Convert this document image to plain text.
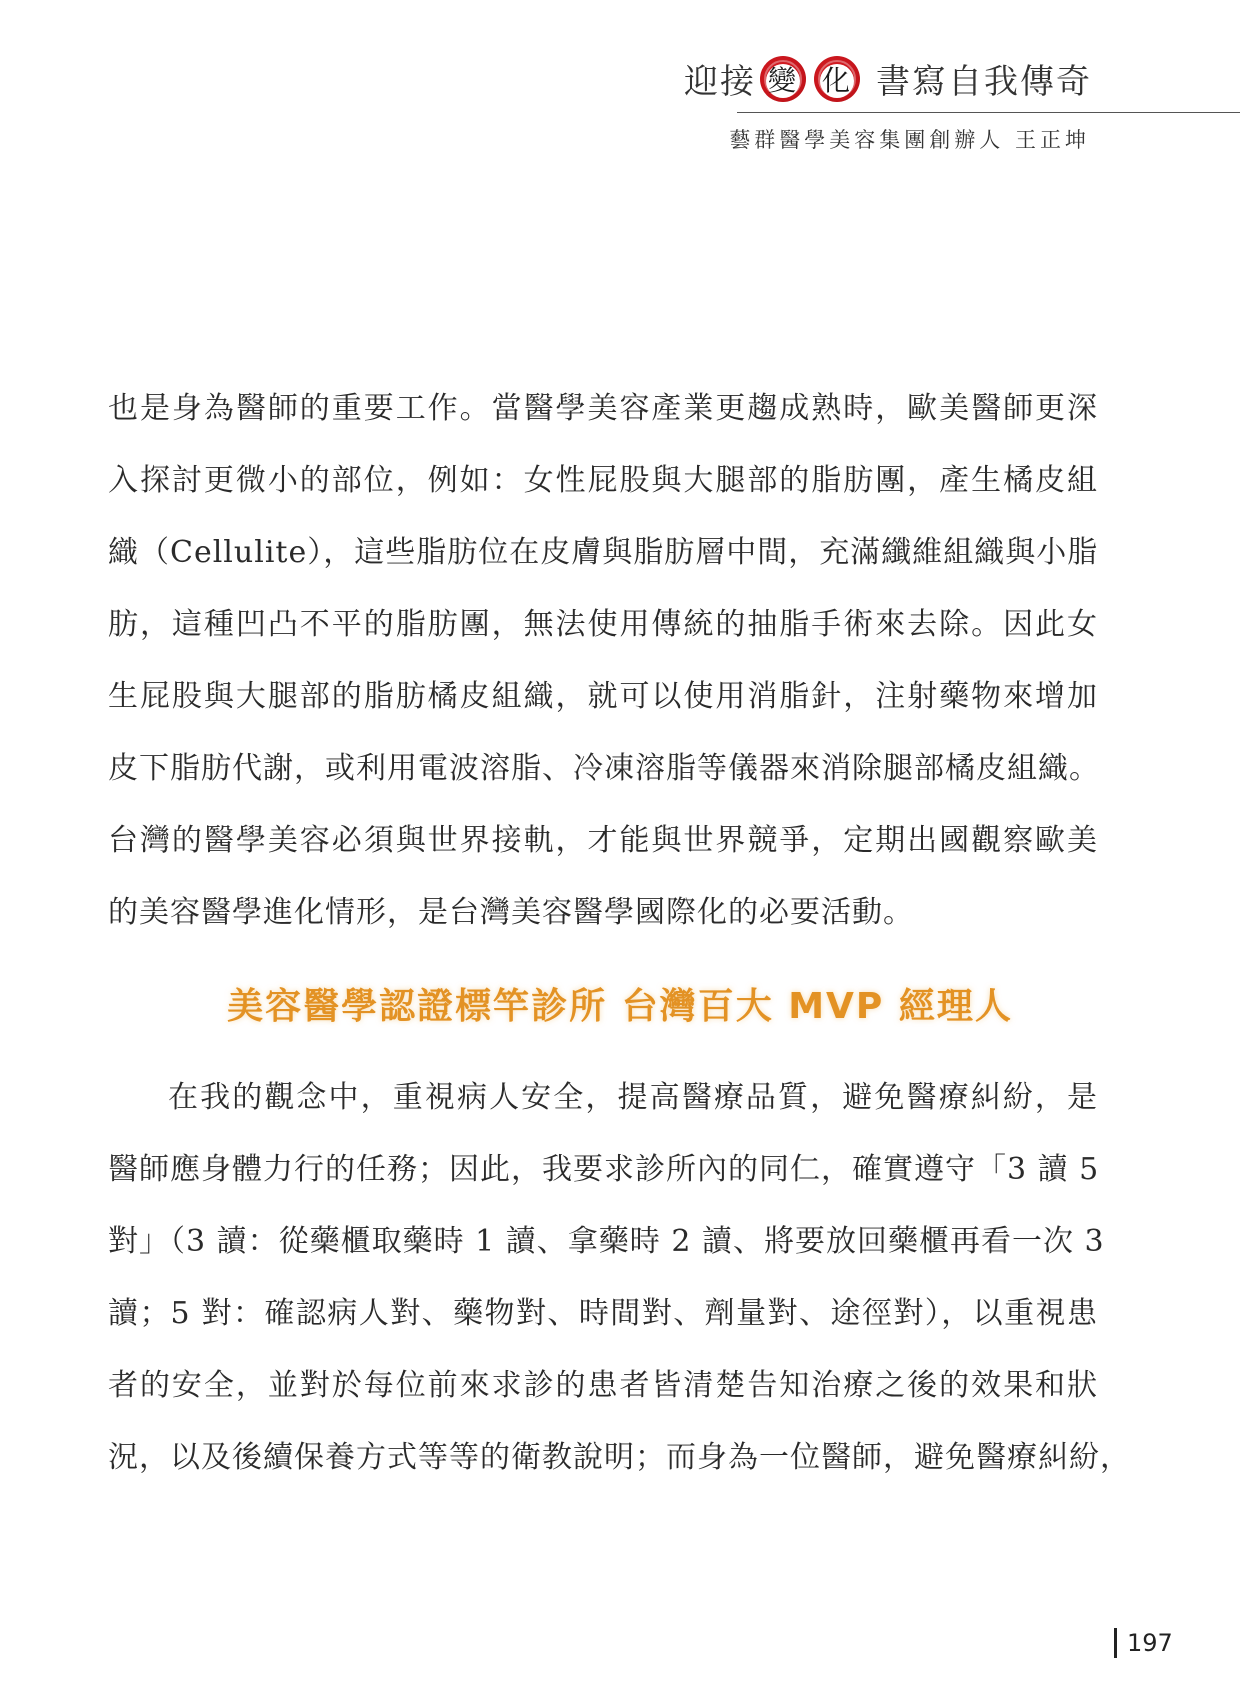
迎接 變 化 書寫自我傳奇
藝群醫學美容集團創辦人 王正坤
也是身為醫師的重要工作。當醫學美容產業更趨成熟時，歐美醫師更深
入探討更微小的部位，例如：女性屁股與大腿部的脂肪團，產生橘皮組
織（Cellulite），這些脂肪位在皮膚與脂肪層中間，充滿纖維組織與小脂
肪，這種凹凸不平的脂肪團，無法使用傳統的抽脂手術來去除。因此女
生屁股與大腿部的脂肪橘皮組織，就可以使用消脂針，注射藥物來增加
皮下脂肪代謝，或利用電波溶脂、冷凍溶脂等儀器來消除腿部橘皮組織。
台灣的醫學美容必須與世界接軌，才能與世界競爭，定期出國觀察歐美
的美容醫學進化情形，是台灣美容醫學國際化的必要活動。
美容醫學認證標竿診所 台灣百大 MVP 經理人
在我的觀念中，重視病人安全，提高醫療品質，避免醫療糾紛，是
醫師應身體力行的任務；因此，我要求診所內的同仁，確實遵守「3 讀 5
對」（3 讀：從藥櫃取藥時 1 讀、拿藥時 2 讀、將要放回藥櫃再看一次 3
讀；5 對：確認病人對、藥物對、時間對、劑量對、途徑對），以重視患
者的安全，並對於每位前來求診的患者皆清楚告知治療之後的效果和狀
況，以及後續保養方式等等的衛教說明；而身為一位醫師，避免醫療糾紛，
197
